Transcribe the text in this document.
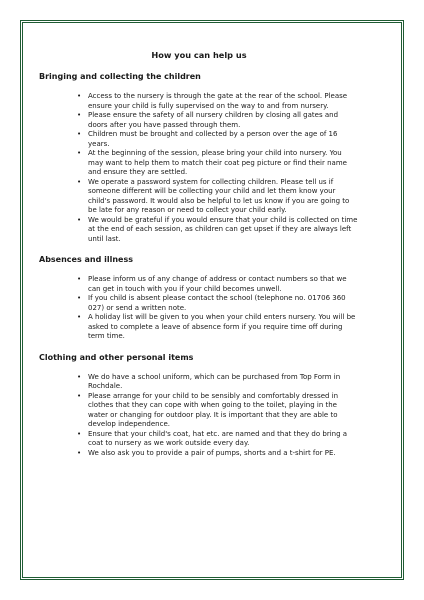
How you can help us
Bringing and collecting the children
• Access to the nursery is through the gate at the rear of the school. Please ensure your child is fully supervised on the way to and from nursery.
• Please ensure the safety of all nursery children by closing all gates and doors after you have passed through them.
• Children must be brought and collected by a person over the age of 16 years.
• At the beginning of the session, please bring your child into nursery. You may want to help them to match their coat peg picture or find their name and ensure they are settled.
• We operate a password system for collecting children. Please tell us if someone different will be collecting your child and let them know your child's password. It would also be helpful to let us know if you are going to be late for any reason or need to collect your child early.
• We would be grateful if you would ensure that your child is collected on time at the end of each session, as children can get upset if they are always left until last.
Absences and illness
• Please inform us of any change of address or contact numbers so that we can get in touch with you if your child becomes unwell.
• If you child is absent please contact the school (telephone no. 01706 360 027) or send a written note.
• A holiday list will be given to you when your child enters nursery. You will be asked to complete a leave of absence form if you require time off during term time.
Clothing and other personal items
• We do have a school uniform, which can be purchased from Top Form in Rochdale.
• Please arrange for your child to be sensibly and comfortably dressed in clothes that they can cope with when going to the toilet, playing in the water or changing for outdoor play. It is important that they are able to develop independence.
• Ensure that your child's coat, hat etc. are named and that they do bring a coat to nursery as we work outside every day.
• We also ask you to provide a pair of pumps, shorts and a t-shirt for PE.
